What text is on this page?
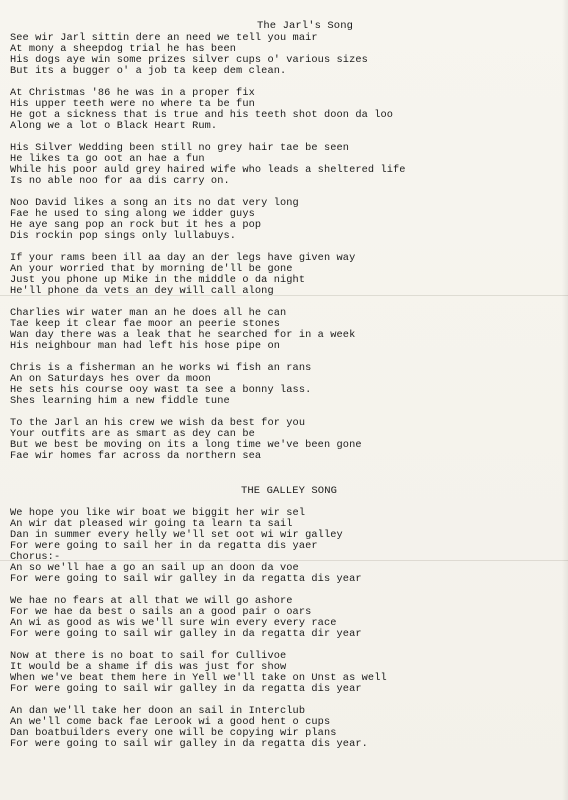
The Jarl's Song
See wir Jarl sittin dere an need we tell you mair
At mony a sheepdog trial he has been
His dogs aye win some prizes silver cups o' various sizes
But its a bugger o' a job ta keep dem clean.
At Christmas '86 he was in a proper fix
His upper teeth were no where ta be fun
He got a sickness that is true and his teeth shot doon da loo
Along we a lot o Black Heart Rum.
His Silver Wedding been still no grey hair tae be seen
He likes ta go oot an hae a fun
While his poor auld grey haired wife who leads a sheltered life
Is no able noo for aa dis carry on.
Noo David likes a song an its no dat very long
Fae he used to sing along we idder guys
He aye sang pop an rock but it hes a pop
Dis rockin pop sings only lullabuys.
If your rams been ill aa day an der legs have given way
An your worried that by morning de'll be gone
Just you phone up Mike in the middle o da night
He'll phone da vets an dey will call along
Charlies wir water man an he does all he can
Tae keep it clear fae moor an peerie stones
Wan day there was a leak that he searched for in a week
His neighbour man had left his hose pipe on
Chris is a fisherman an he works wi fish an rans
An on Saturdays hes over da moon
He sets his course ooy wast ta see a bonny lass.
Shes learning him a new fiddle tune
To the Jarl an his crew we wish da best for you
Your outfits are as smart as dey can be
But we best be moving on its a long time we've been gone
Fae wir homes far across da northern sea
THE GALLEY SONG
We hope you like wir boat we biggit her wir sel
An wir dat pleased wir going ta learn ta sail
Dan in summer every helly we'll set oot wi wir galley
For were going to sail her in da regatta dis yaer
Chorus:-
An so we'll hae a go an sail up an doon da voe
For were going to sail wir galley in da regatta dis year
We hae no fears at all that we will go ashore
For we hae da best o sails an a good pair o oars
An wi as good as wis we'll sure win every every race
For were going to sail wir galley in da regatta dir year
Now at there is no boat to sail for Cullivoe
It would be a shame if dis was just for show
When we've beat them here in Yell we'll take on Unst as well
For were going to sail wir galley in da regatta dis year
An dan we'll take her doon an sail in Interclub
An we'll come back fae Lerook wi a good hent o cups
Dan boatbuilders every one will be copying wir plans
For were going to sail wir galley in da regatta dis year.
